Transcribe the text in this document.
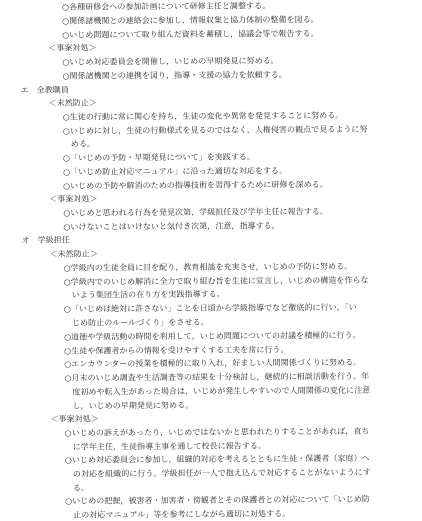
○各種研修会への参加計画について研修主任と調整する。
○関係諸機関との連絡会に参加し，情報収集と協力体制の整備を図る。
○いじめ問題について取り組んだ資料を蓄積し，協議会等で報告する。
＜事案対処＞
○いじめ対応委員会を開催し，いじめの早期発見に努める。
○関係諸機関との連携を図り，指導・支援の協力を依頼する。
エ　全教職員
＜未然防止＞
○生徒の行動に常に関心を持ち，生徒の変化や異常を発見することに努める。
○いじめに対し，生徒の行動様式を見るのではなく，人権侵害の観点で見るように努
める。
○「いじめの予防・早期発見について」を実践する。
○「いじめ防止対応マニュアル」に沿った適切な対応をする。
○いじめの予防や解消のための指導技術を習得するために研修を深める。
＜事案対処＞
○いじめと思われる行為を発見次第，学級担任及び学年主任に報告する。
○いけないことはいけないと気付き次第，注意，指導する。
オ　学級担任
＜未然防止＞
○学級内の生徒全員に目を配り，教育相談を充実させ，いじめの予防に努める。
○学級内でのいじめ解消に全力で取り組む旨を生徒に宣言し，いじめの構造を作らな
いよう集団生活の在り方を実践指導する。
○「いじめは絶対に許さない」ことを日頃から学級指導でなど徹底的に行い，「い
じめ防止のルールづくり」をさせる。
○道徳や学級活動の時間を利用して，いじめ問題についての討議を積極的に行う。
○生徒や保護者からの情報を受けやすくする工夫を常に行う。
○エンカウンターの授業を積極的に取り入れ，好ましい人間関係づくりに努める。
○月末のいじめ調査や生活調査等の結果を十分検討し，継続的に相談活動を行う。年
度初めや転入生があった場合は，いじめが発生しやすいので人間関係の変化に注意
し，いじめの早期発見に努める。
＜事案対処＞
○いじめの訴えがあったり，いじめではないかと思われたりすることがあれば，直ち
に学年主任，生徒指導主事を通して校長に報告する。
○いじめ対応委員会に参加し，組織的対応を考えるとともに生徒・保護者（家庭）へ
の対応を組織的に行う。学級担任が一人で抱え込んで対応することがないようにす
る。
○いじめの把握，被害者・加害者・傍観者とその保護者との対応について「いじめ防
止の対応マニュアル」等を参考にしながら適切に対処する。
